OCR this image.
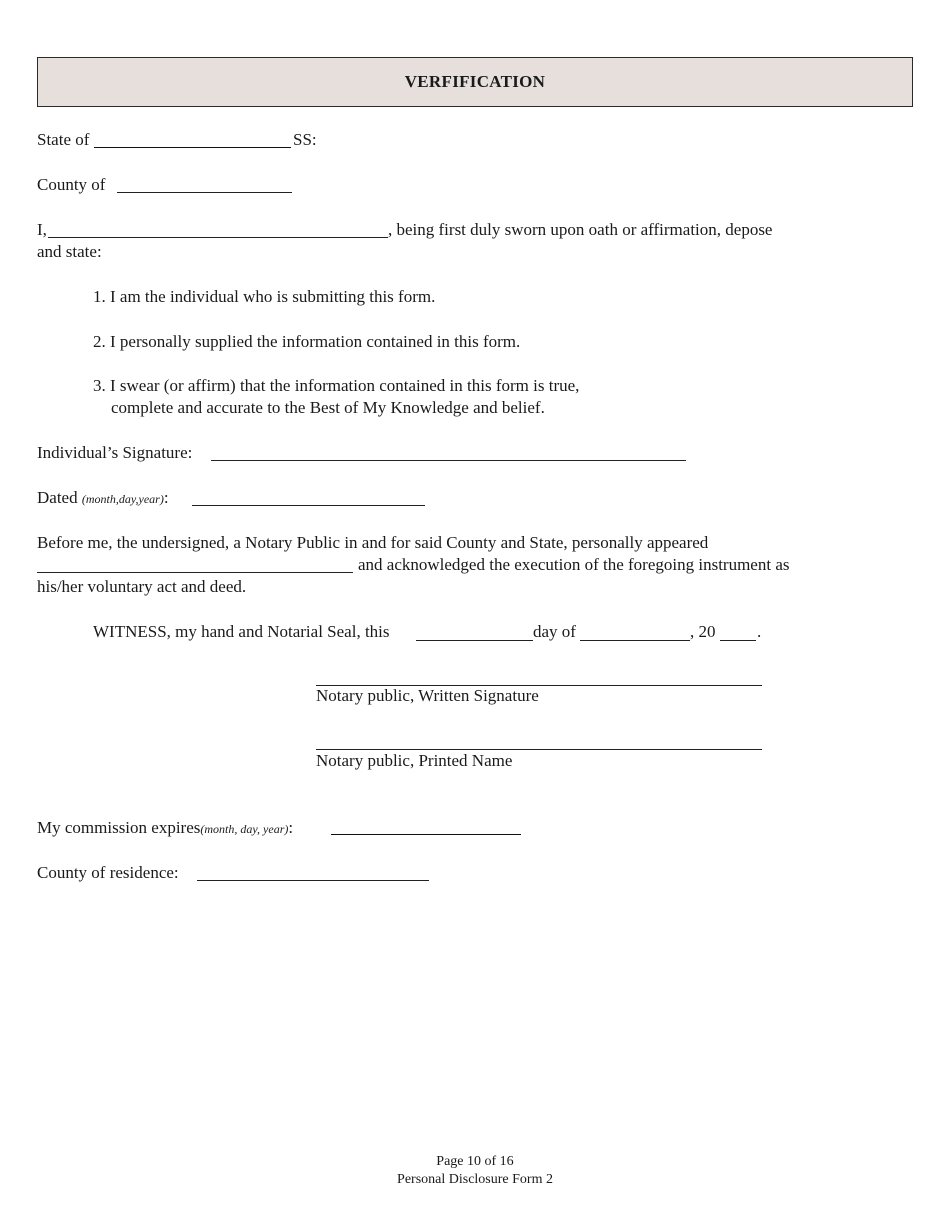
VERFIFICATION
State of	SS:
County of
I,	, being first duly sworn upon oath or affirmation, depose
and state:
1. I am the individual who is submitting this form.
2. I personally supplied the information contained in this form.
3. I swear (or affirm) that the information contained in this form is true,
complete and accurate to the Best of My Knowledge and belief.
Individual’s Signature:
Dated (month,day,year):
Before me, the undersigned, a Notary Public in and for said County and State, personally appeared
and acknowledged the execution of the foregoing instrument as
his/her voluntary act and deed.
WITNESS, my hand and Notarial Seal, this	day of	, 20 .
Notary public, Written Signature
Notary public, Printed Name
My commission expires(month, day, year):
County of residence:
Page 10 of 16
Personal Disclosure Form 2
